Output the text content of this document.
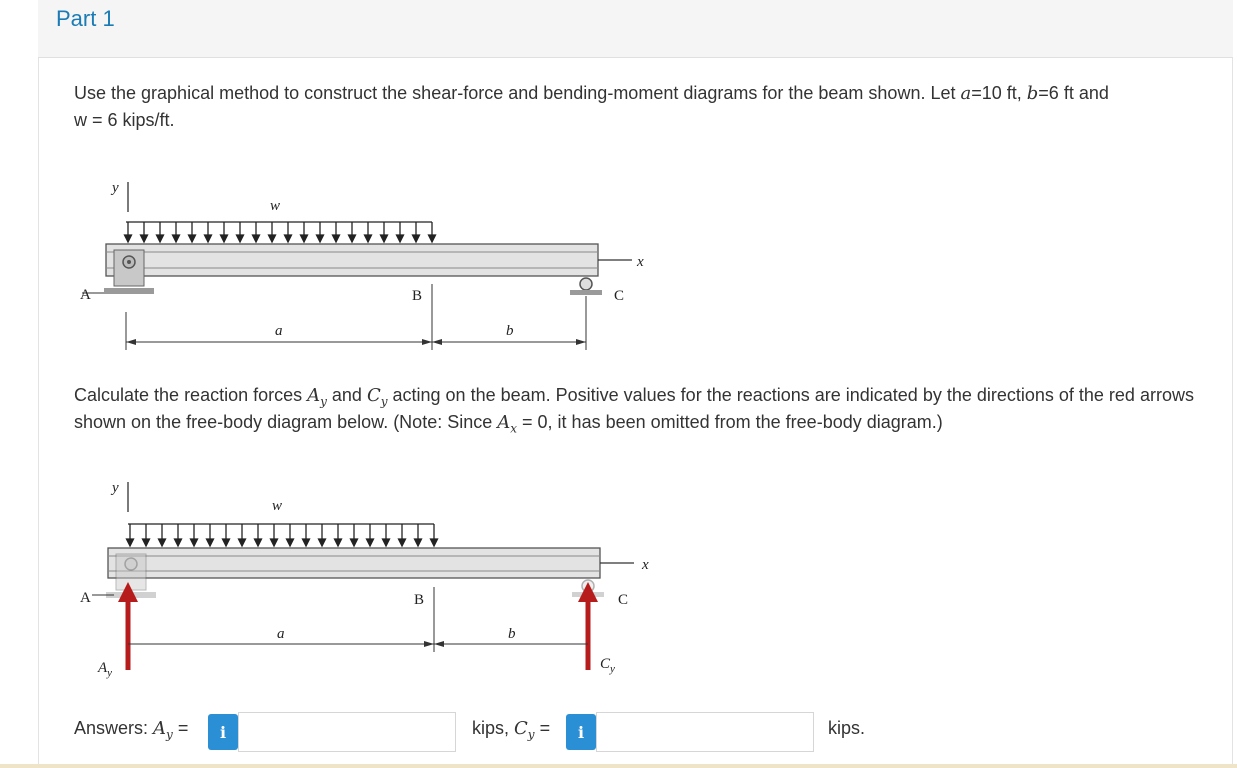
Part 1
Use the graphical method to construct the shear-force and bending-moment diagrams for the beam shown. Let a=10 ft, b=6 ft and
w = 6 kips/ft.
y
w
x
A	B	C
a	b
Calculate the reaction forces $A_y$ and $C_y$ acting on the beam. Positive values for the reactions are indicated by the directions of the red arrows shown on the free-body diagram below. (Note: Since $A_x = 0$, it has been omitted from the free-body diagram.)
y
w
x
A
$A_y$
B	C
$C_y$
a	b
Answers: $A_y$ =	i	kips, $C_y$ =	i	kips.
